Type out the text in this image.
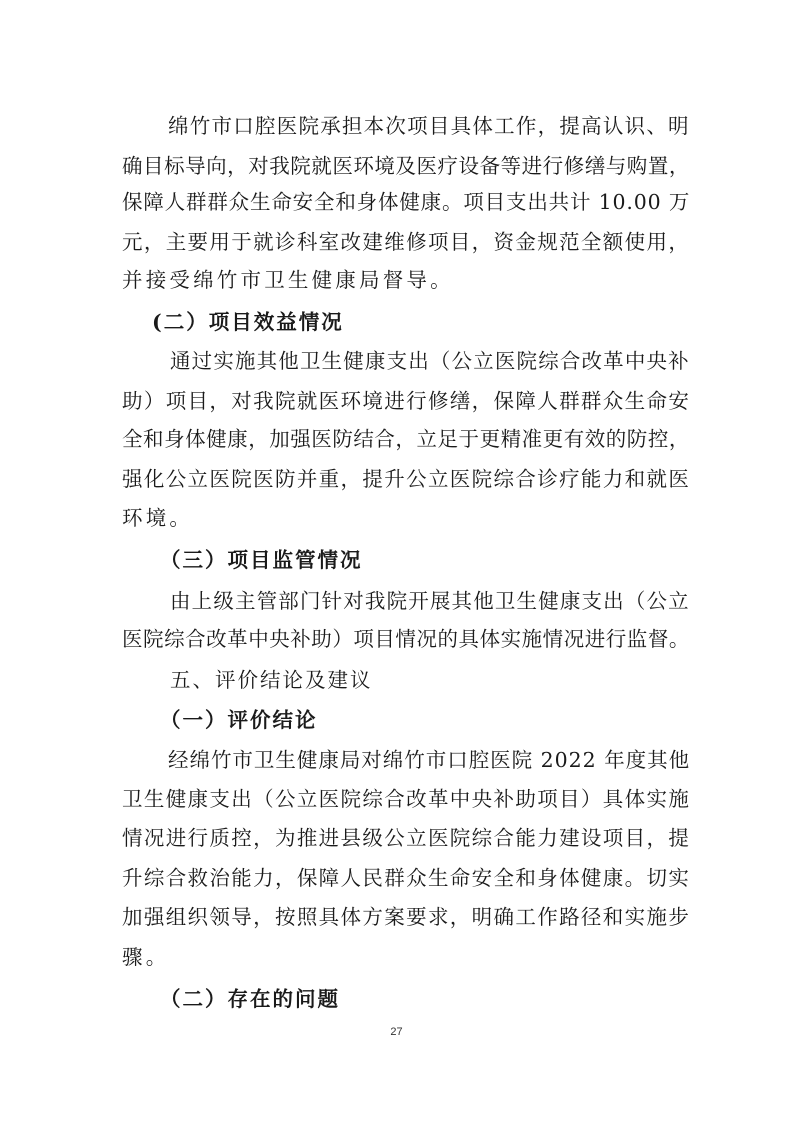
绵竹市口腔医院承担本次项目具体工作，提高认识、明
确目标导向，对我院就医环境及医疗设备等进行修缮与购置，
保障人群群众生命安全和身体健康。项目支出共计 10.00 万
元，主要用于就诊科室改建维修项目，资金规范全额使用，
并接受绵竹市卫生健康局督导。
(二）项目效益情况
通过实施其他卫生健康支出（公立医院综合改革中央补
助）项目，对我院就医环境进行修缮，保障人群群众生命安
全和身体健康，加强医防结合，立足于更精准更有效的防控，
强化公立医院医防并重，提升公立医院综合诊疗能力和就医
环境。
（三）项目监管情况
由上级主管部门针对我院开展其他卫生健康支出（公立
医院综合改革中央补助）项目情况的具体实施情况进行监督。
五、评价结论及建议
（一）评价结论
经绵竹市卫生健康局对绵竹市口腔医院 2022 年度其他
卫生健康支出（公立医院综合改革中央补助项目）具体实施
情况进行质控，为推进县级公立医院综合能力建设项目，提
升综合救治能力，保障人民群众生命安全和身体健康。切实
加强组织领导，按照具体方案要求，明确工作路径和实施步
骤。
（二）存在的问题
27
